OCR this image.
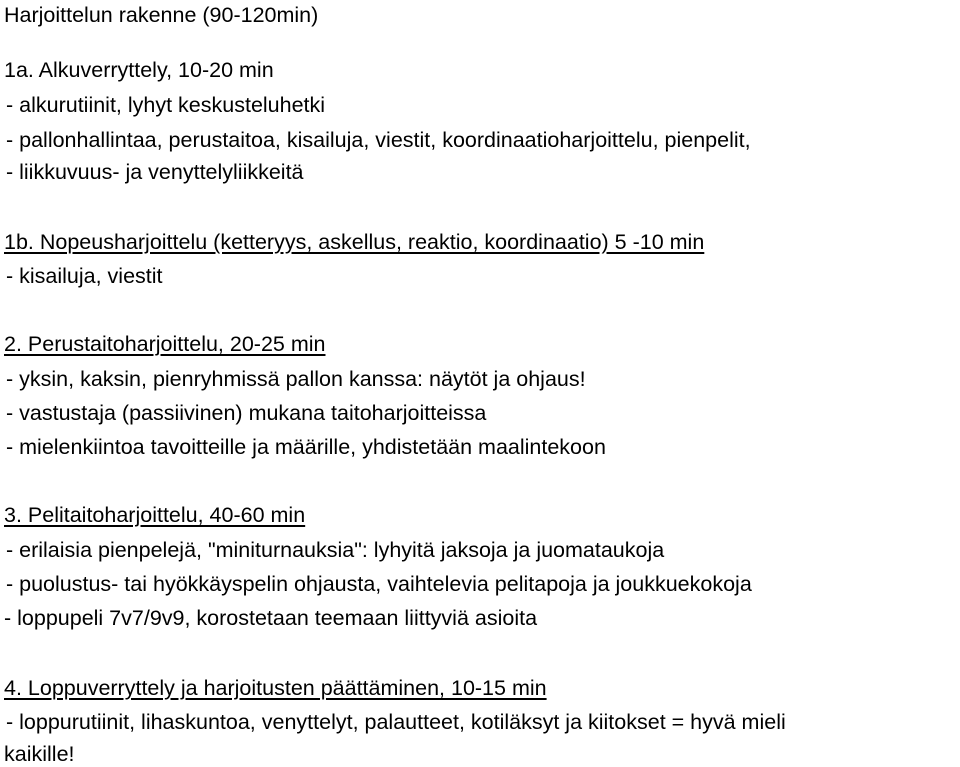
Harjoittelun rakenne (90-120min)
1a. Alkuverryttely, 10-20 min
- alkurutiinit, lyhyt keskusteluhetki
- pallonhallintaa, perustaitoa, kisailuja, viestit, koordinaatioharjoittelu, pienpelit,
- liikkuvuus- ja venyttelyliikkeitä
1b. Nopeusharjoittelu (ketteryys, askellus, reaktio, koordinaatio) 5 -10 min
- kisailuja, viestit
2. Perustaitoharjoittelu, 20-25 min
- yksin, kaksin, pienryhmissä pallon kanssa: näytöt ja ohjaus!
- vastustaja (passiivinen) mukana taitoharjoitteissa
- mielenkiintoa tavoitteille ja määrille, yhdistetään maalintekoon
3. Pelitaitoharjoittelu, 40-60 min
- erilaisia pienpelejä, "miniturnauksia": lyhyitä jaksoja ja juomataukoja
- puolustus- tai hyökkäyspelin ohjausta, vaihtelevia pelitapoja ja joukkuekokoja
- loppupeli 7v7/9v9, korostetaan teemaan liittyviä asioita
4. Loppuverryttely ja harjoitusten päättäminen, 10-15 min
- loppurutiinit, lihaskuntoa, venyttelyt, palautteet, kotiläksyt ja kiitokset = hyvä mieli
kaikille!
